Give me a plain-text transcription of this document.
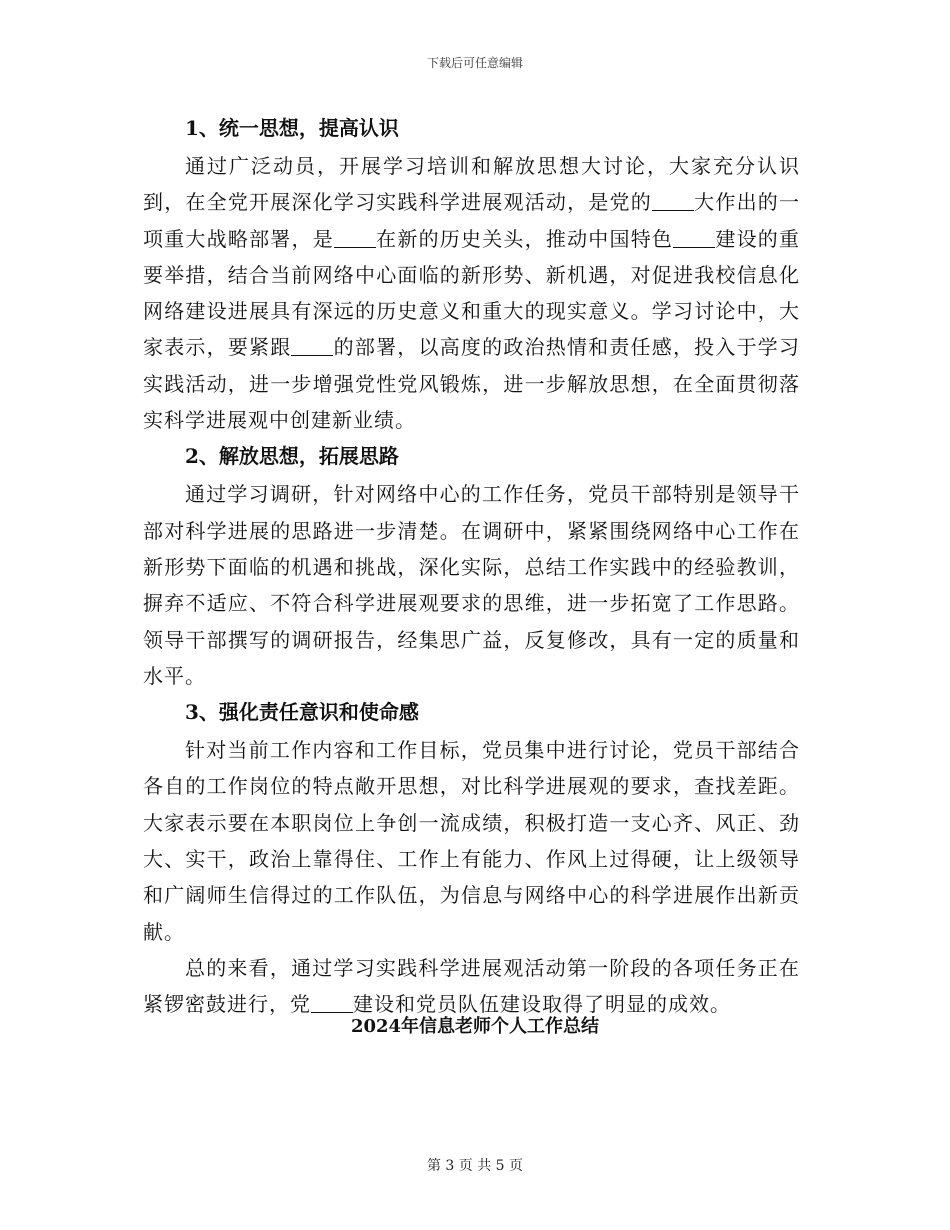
下载后可任意编辑
1、统一思想，提高认识

通过广泛动员，开展学习培训和解放思想大讨论，大家充分认识到，在全党开展深化学习实践科学进展观活动，是党的 大作出的一项重大战略部署，是 在新的历史关头，推动中国特色 建设的重要举措，结合当前网络中心面临的新形势、新机遇，对促进我校信息化网络建设进展具有深远的历史意义和重大的现实意义。学习讨论中，大家表示，要紧跟 的部署，以高度的政治热情和责任感，投入于学习实践活动，进一步增强党性党风锻炼，进一步解放思想，在全面贯彻落实科学进展观中创建新业绩。

2、解放思想，拓展思路

通过学习调研，针对网络中心的工作任务，党员干部特别是领导干部对科学进展的思路进一步清楚。在调研中，紧紧围绕网络中心工作在新形势下面临的机遇和挑战，深化实际，总结工作实践中的经验教训，摒弃不适应、不符合科学进展观要求的思维，进一步拓宽了工作思路。领导干部撰写的调研报告，经集思广益，反复修改，具有一定的质量和水平。

3、强化责任意识和使命感

针对当前工作内容和工作目标，党员集中进行讨论，党员干部结合各自的工作岗位的特点敞开思想，对比科学进展观的要求，查找差距。大家表示要在本职岗位上争创一流成绩，积极打造一支心齐、风正、劲大、实干，政治上靠得住、工作上有能力、作风上过得硬，让上级领导和广阔师生信得过的工作队伍，为信息与网络中心的科学进展作出新贡献。

总的来看，通过学习实践科学进展观活动第一阶段的各项任务正在紧锣密鼓进行，党 建设和党员队伍建设取得了明显的成效。

2024年信息老师个人工作总结
第 3 页 共 5 页
